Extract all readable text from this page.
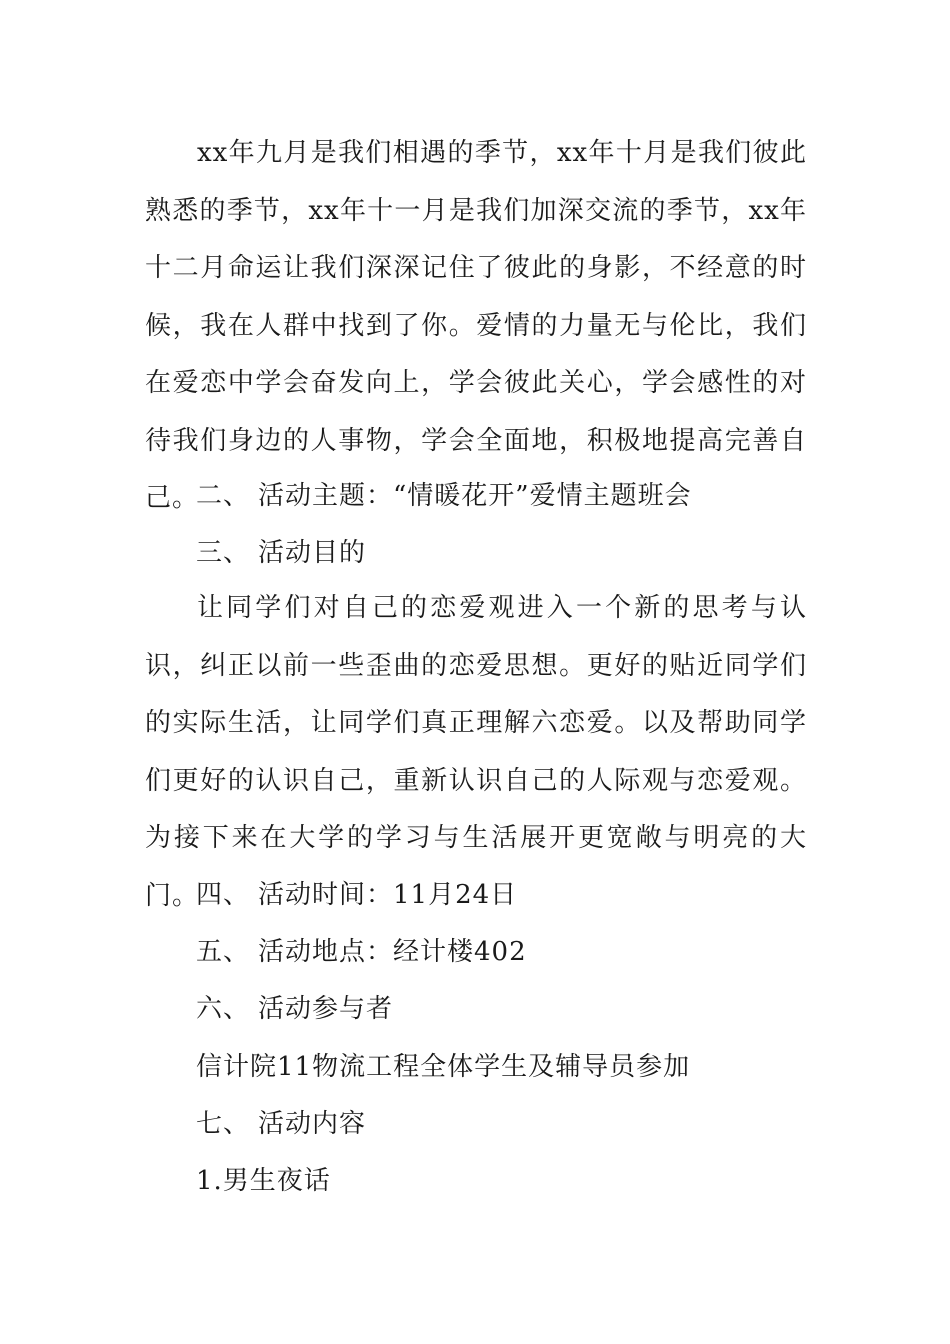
xx年九月是我们相遇的季节，xx年十月是我们彼此熟悉的季节，xx年十一月是我们加深交流的季节，xx年十二月命运让我们深深记住了彼此的身影，不经意的时候，我在人群中找到了你。爱情的力量无与伦比，我们在爱恋中学会奋发向上，学会彼此关心，学会感性的对待我们身边的人事物，学会全面地，积极地提高完善自己。

二、 活动主题：“情暖花开”爱情主题班会

三、 活动目的

让同学们对自己的恋爱观进入一个新的思考与认识，纠正以前一些歪曲的恋爱思想。更好的贴近同学们的实际生活，让同学们真正理解六恋爱。以及帮助同学们更好的认识自己，重新认识自己的人际观与恋爱观。为接下来在大学的学习与生活展开更宽敞与明亮的大门。

四、 活动时间：11月24日

五、 活动地点：经计楼402

六、 活动参与者

信计院11物流工程全体学生及辅导员参加

七、 活动内容

1.男生夜话
